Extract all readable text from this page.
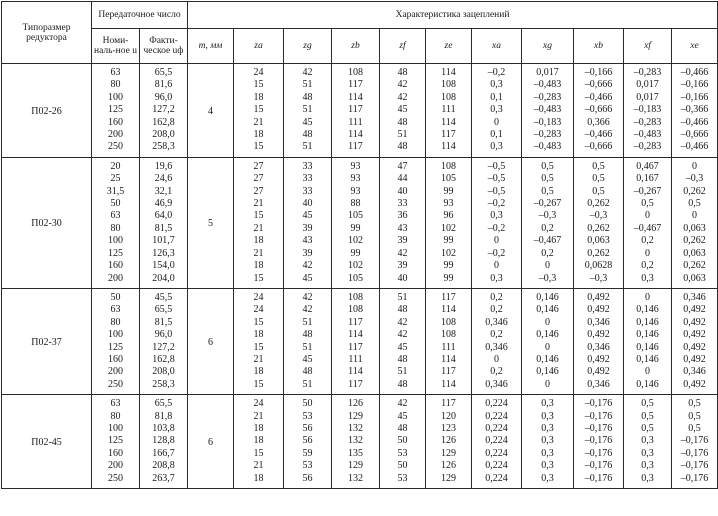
Типоразмер редуктора	Передаточное число		Характеристика зацеплений										
	Номи-наль-ное u	Факти-ческое uф	m, мм	za	zg	zb	zf	ze	xa	xg	xb	xf	xe
П02-26	63	65,5	4	24	42	108	48	114	–0,2	0,017	–0,166	–0,283	–0,466
	80	81,6		15	51	117	42	108	0,3	–0,483	–0,666	0,017	–0,166
	100	96,0		18	48	114	42	108	0,1	–0,283	–0,466	0,017	–0,166
	125	127,2		15	51	117	45	111	0,3	–0,483	–0,666	–0,183	–0,366
	160	162,8		21	45	111	48	114	0	–0,183	0,366	–0,283	–0,466
	200	208,0		18	48	114	51	117	0,1	–0,283	–0,466	–0,483	–0,666
	250	258,3		15	51	117	48	114	0,3	–0,483	–0,666	–0,283	–0,466
П02-30	20	19,6	5	27	33	93	47	108	–0,5	0,5	0,5	0,467	0
	25	24,6		27	33	93	44	105	–0,5	0,5	0,5	0,167	–0,3
	31,5	32,1		27	33	93	40	99	–0,5	0,5	0,5	–0,267	0,262
	50	46,9		21	40	88	33	93	–0,2	–0,267	0,262	0,5	0,5
	63	64,0		15	45	105	36	96	0,3	–0,3	–0,3	0	0
	80	81,5		21	39	99	43	102	–0,2	0,2	0,262	–0,467	0,063
	100	101,7		18	43	102	39	99	0	–0,467	0,063	0,2	0,262
	125	126,3		21	39	99	42	102	–0,2	0,2	0,262	0	0,063
	160	154,0		18	42	102	39	99	0	0	0,0628	0,2	0,262
	200	204,0		15	45	105	40	99	0,3	–0,3	–0,3	0,3	0,063
П02-37	50	45,5	6	24	42	108	51	117	0,2	0,146	0,492	0	0,346
	63	65,5		24	42	108	48	114	0,2	0,146	0,492	0,146	0,492
	80	81,5		15	51	117	42	108	0,346	0	0,346	0,146	0,492
	100	96,0		18	48	114	42	108	0,2	0,146	0,492	0,146	0,492
	125	127,2		15	51	117	45	111	0,346	0	0,346	0,146	0,492
	160	162,8		21	45	111	48	114	0	0,146	0,492	0,146	0,492
	200	208,0		18	48	114	51	117	0,2	0,146	0,492	0	0,346
	250	258,3		15	51	117	48	114	0,346	0	0,346	0,146	0,492
П02-45	63	65,5	6	24	50	126	42	117	0,224	0,3	–0,176	0,5	0,5
	80	81,8		21	53	129	45	120	0,224	0,3	–0,176	0,5	0,5
	100	103,8		18	56	132	48	123	0,224	0,3	–0,176	0,5	0,5
	125	128,8		18	56	132	50	126	0,224	0,3	–0,176	0,3	–0,176
	160	166,7		15	59	135	53	129	0,224	0,3	–0,176	0,3	–0,176
	200	208,8		21	53	129	50	126	0,224	0,3	–0,176	0,3	–0,176
	250	263,7		18	56	132	53	129	0,224	0,3	–0,176	0,3	–0,176
